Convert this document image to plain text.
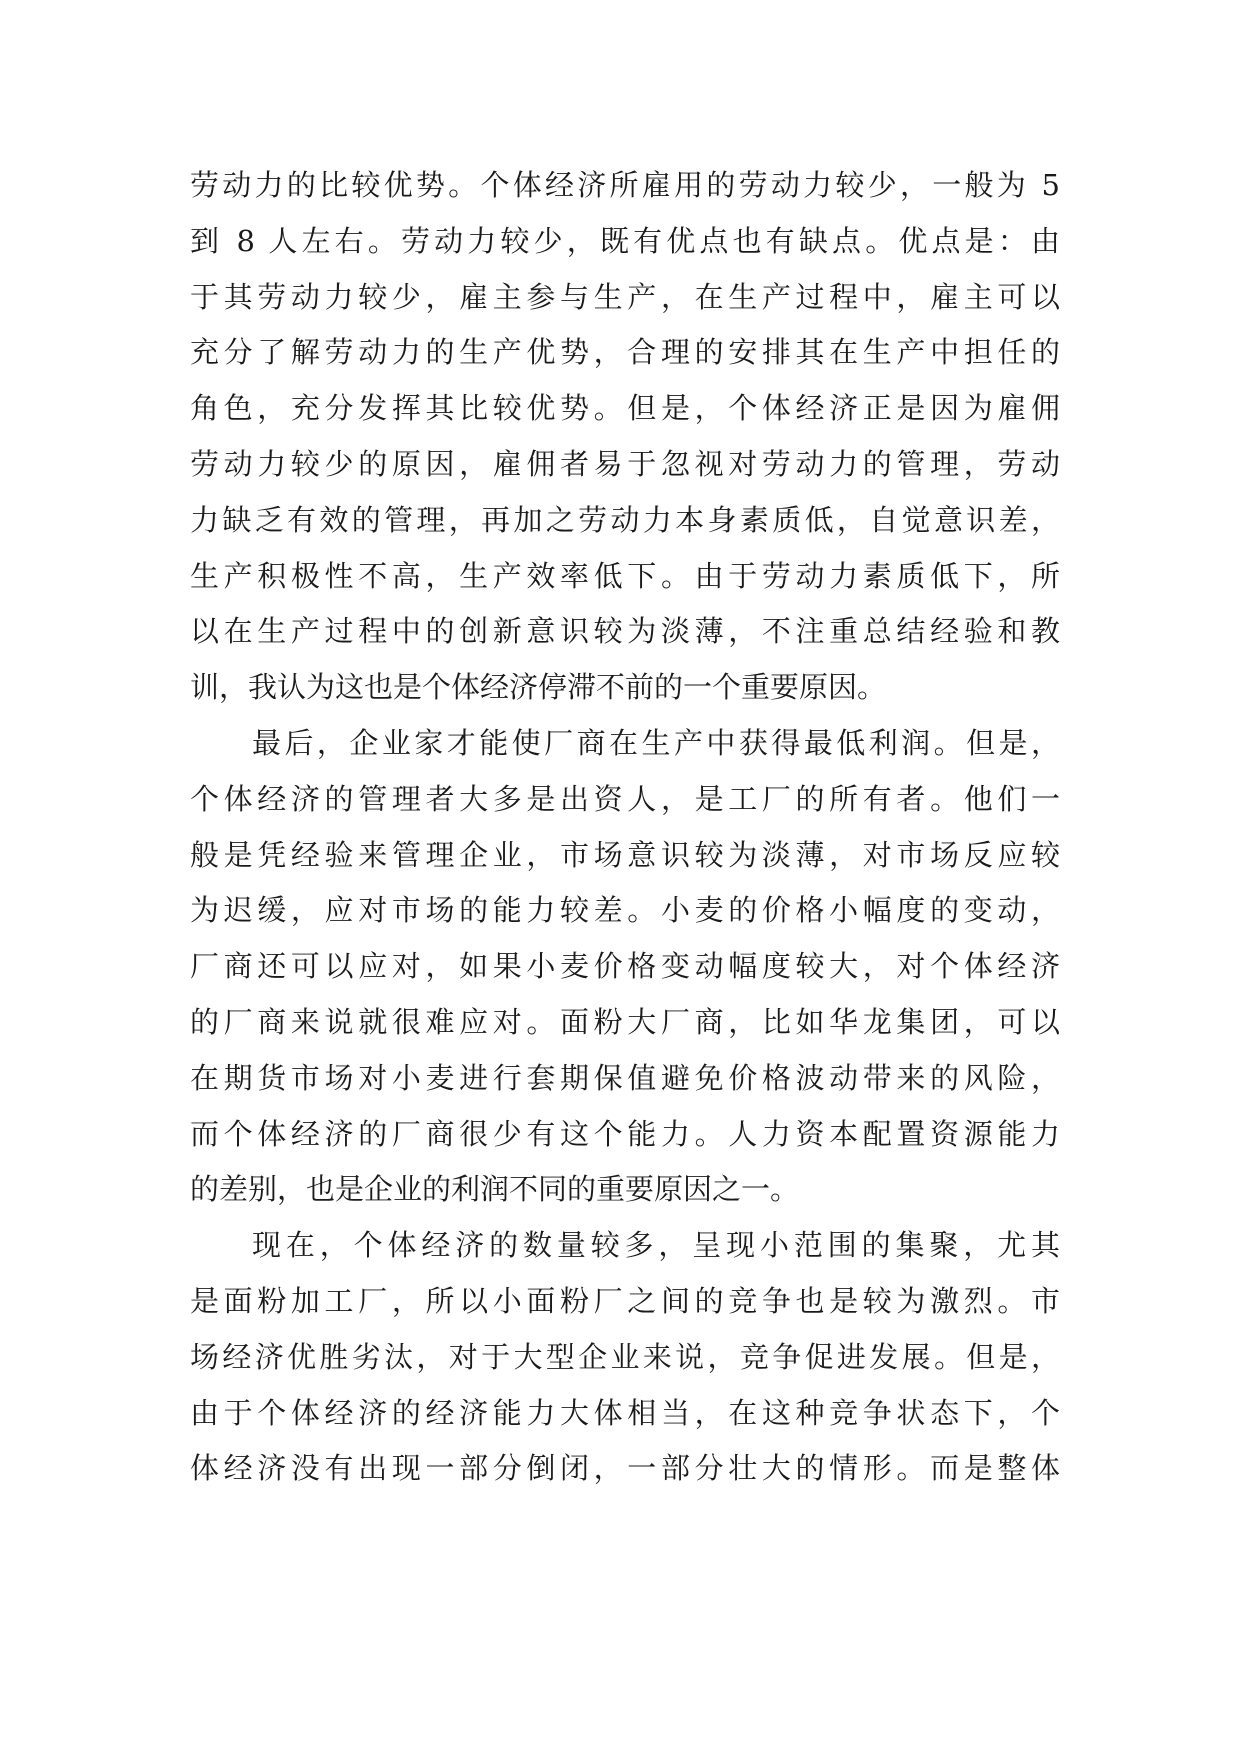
劳动力的比较优势。个体经济所雇用的劳动力较少，一般为 5
到 8 人左右。劳动力较少，既有优点也有缺点。优点是：由
于其劳动力较少，雇主参与生产，在生产过程中，雇主可以
充分了解劳动力的生产优势，合理的安排其在生产中担任的
角色，充分发挥其比较优势。但是，个体经济正是因为雇佣
劳动力较少的原因，雇佣者易于忽视对劳动力的管理，劳动
力缺乏有效的管理，再加之劳动力本身素质低，自觉意识差，
生产积极性不高，生产效率低下。由于劳动力素质低下，所
以在生产过程中的创新意识较为淡薄，不注重总结经验和教
训，我认为这也是个体经济停滞不前的一个重要原因。
最后，企业家才能使厂商在生产中获得最低利润。但是，
个体经济的管理者大多是出资人，是工厂的所有者。他们一
般是凭经验来管理企业，市场意识较为淡薄，对市场反应较
为迟缓，应对市场的能力较差。小麦的价格小幅度的变动，
厂商还可以应对，如果小麦价格变动幅度较大，对个体经济
的厂商来说就很难应对。面粉大厂商，比如华龙集团，可以
在期货市场对小麦进行套期保值避免价格波动带来的风险，
而个体经济的厂商很少有这个能力。人力资本配置资源能力
的差别，也是企业的利润不同的重要原因之一。
现在，个体经济的数量较多，呈现小范围的集聚，尤其
是面粉加工厂，所以小面粉厂之间的竞争也是较为激烈。市
场经济优胜劣汰，对于大型企业来说，竞争促进发展。但是，
由于个体经济的经济能力大体相当，在这种竞争状态下，个
体经济没有出现一部分倒闭，一部分壮大的情形。而是整体
